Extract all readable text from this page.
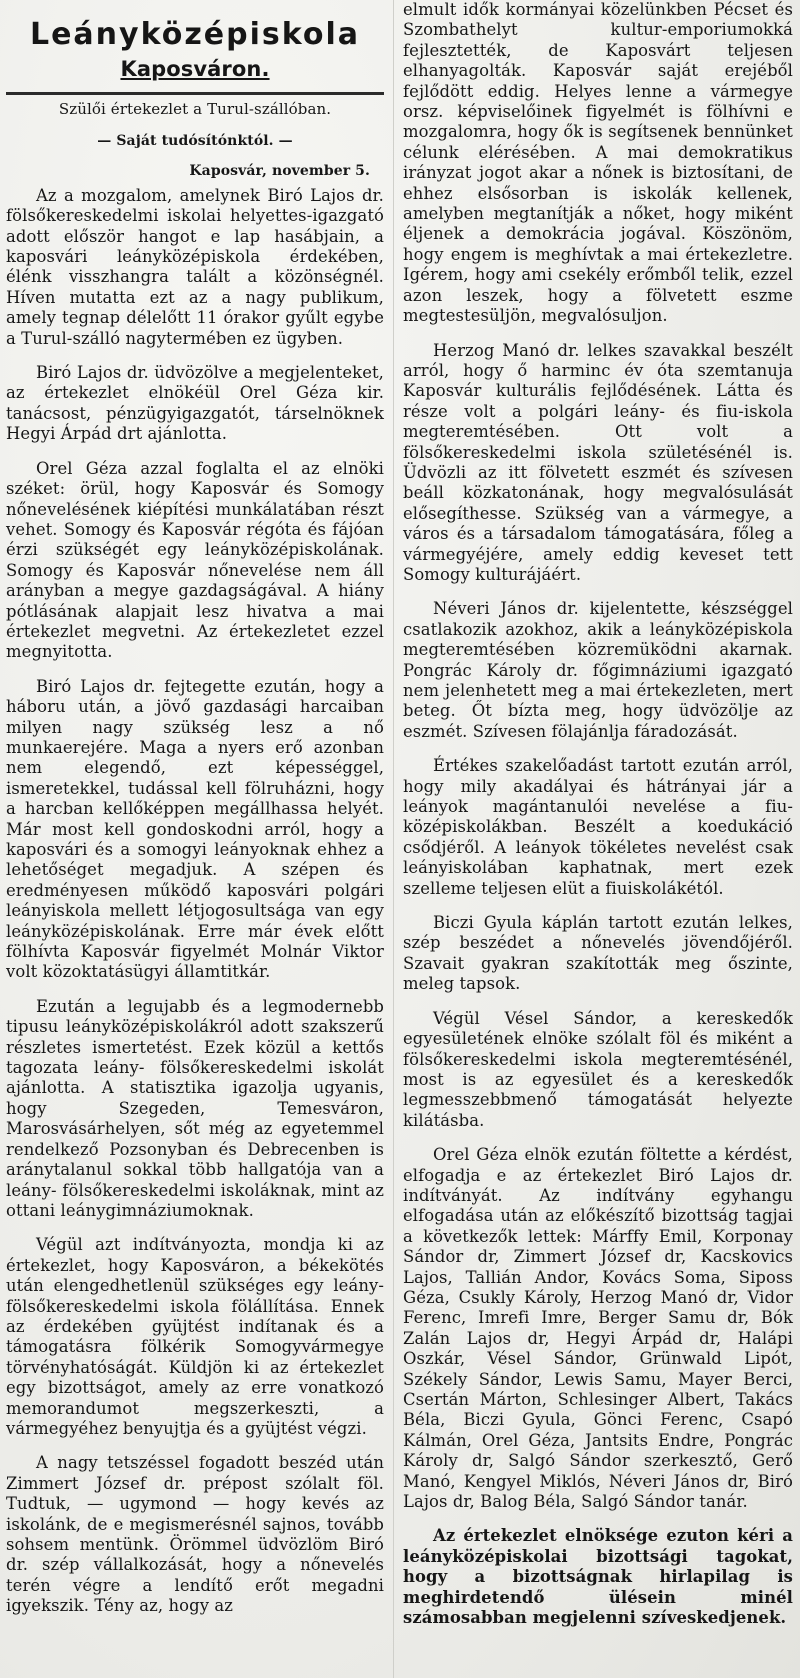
Leányközépiskola
Kaposváron.
Szülői értekezlet a Turul-szállóban.
— Saját tudósítónktól. —
Kaposvár, november 5.

Az a mozgalom, amelynek Biró Lajos dr. fölsőkereskedelmi iskolai helyettes-igazgató adott először hangot e lap hasábjain, a kaposvári leányközépiskola érdekében, élénk visszhangra talált a közönségnél. Híven mutatta ezt az a nagy publikum, amely tegnap délelőtt 11 órakor gyűlt egybe a Turul-szálló nagytermében ez ügyben.

Biró Lajos dr. üdvözölve a megjelenteket, az értekezlet elnökéül Orel Géza kir. tanácsost, pénzügyigazgatót, társelnöknek Hegyi Árpád drt ajánlotta.

Orel Géza azzal foglalta el az elnöki széket: örül, hogy Kaposvár és Somogy nőnevelésének kiépítési munkálatában részt vehet. Somogy és Kaposvár régóta és fájóan érzi szükségét egy leányközépiskolának. Somogy és Kaposvár nőnevelése nem áll arányban a megye gazdagságával. A hiány pótlásának alapjait lesz hivatva a mai értekezlet megvetni. Az értekezletet ezzel megnyitotta.

Biró Lajos dr. fejtegette ezután, hogy a háboru után, a jövő gazdasági harcaiban milyen nagy szükség lesz a nő munkaerejére. Maga a nyers erő azonban nem elegendő, ezt képességgel, ismeretekkel, tudással kell fölruházni, hogy a harcban kellőképpen megállhassa helyét. Már most kell gondoskodni arról, hogy a kaposvári és a somogyi leányoknak ehhez a lehetőséget megadjuk. A szépen és eredményesen működő kaposvári polgári leányiskola mellett létjogosultsága van egy leányközépiskolának. Erre már évek előtt fölhívta Kaposvár figyelmét Molnár Viktor volt közoktatásügyi államtitkár.

Ezután a legujabb és a legmodernebb tipusu leányközépiskolákról adott szakszerű részletes ismertetést. Ezek közül a kettős tagozata leány- fölsőkereskedelmi iskolát ajánlotta. A statisztika igazolja ugyanis, hogy Szegeden, Temesváron, Marosvásárhelyen, sőt még az egyetemmel rendelkező Pozsonyban és Debrecenben is aránytalanul sokkal több hallgatója van a leány- fölsőkereskedelmi iskoláknak, mint az ottani leánygimnáziumoknak.

Végül azt indítványozta, mondja ki az értekezlet, hogy Kaposváron, a békekötés után elengedhetlenül szükséges egy leány- fölsőkereskedelmi iskola fölállítása. Ennek az érdekében gyüjtést indítanak és a támogatásra fölkérik Somogyvármegye törvényhatóságát. Küldjön ki az értekezlet egy bizottságot, amely az erre vonatkozó memorandumot megszerkeszti, a vármegyéhez benyujtja és a gyüjtést végzi.

A nagy tetszéssel fogadott beszéd után Zimmert József dr. prépost szólalt föl. Tudtuk, — ugymond — hogy kevés az iskolánk, de e megismerésnél sajnos, tovább sohsem mentünk. Örömmel üdvözlöm Biró dr. szép vállalkozását, hogy a nőnevelés terén végre a lendítő erőt megadni igyekszik. Tény az, hogy az

elmult idők kormányai közelünkben Pécset és Szombathelyt kultur-emporiumokká fejlesztették, de Kaposvárt teljesen elhanyagolták. Kaposvár saját erejéből fejlődött eddig. Helyes lenne a vármegye orsz. képviselőinek figyelmét is fölhívni e mozgalomra, hogy ők is segítsenek bennünket célunk elérésében. A mai demokratikus irányzat jogot akar a nőnek is biztosítani, de ehhez elsősorban is iskolák kellenek, amelyben megtanítják a nőket, hogy miként éljenek a demokrácia jogával. Köszönöm, hogy engem is meghívtak a mai értekezletre. Igérem, hogy ami csekély erőmből telik, ezzel azon leszek, hogy a fölvetett eszme megtestesüljön, megvalósuljon.

Herzog Manó dr. lelkes szavakkal beszélt arról, hogy ő harminc év óta szemtanuja Kaposvár kulturális fejlődésének. Látta és része volt a polgári leány- és fiu-iskola megteremtésében. Ott volt a fölsőkereskedelmi iskola születésénél is. Üdvözli az itt fölvetett eszmét és szívesen beáll közkatonának, hogy megvalósulását elősegíthesse. Szükség van a vármegye, a város és a társadalom támogatására, főleg a vármegyéjére, amely eddig keveset tett Somogy kulturájáért.

Néveri János dr. kijelentette, készséggel csatlakozik azokhoz, akik a leányközépiskola megteremtésében közremüködni akarnak. Pongrác Károly dr. főgimnáziumi igazgató nem jelenhetett meg a mai értekezleten, mert beteg. Őt bízta meg, hogy üdvözölje az eszmét. Szívesen fölajánlja fáradozását.

Értékes szakelőadást tartott ezután arról, hogy mily akadályai és hátrányai jár a leányok magántanulói nevelése a fiu-középiskolákban. Beszélt a koedukáció csődjéről. A leányok tökéletes nevelést csak leányiskolában kaphatnak, mert ezek szelleme teljesen elüt a fiuiskolákétól.

Biczi Gyula káplán tartott ezután lelkes, szép beszédet a nőnevelés jövendőjéről. Szavait gyakran szakították meg őszinte, meleg tapsok.

Végül Vésel Sándor, a kereskedők egyesületének elnöke szólalt föl és miként a fölsőkereskedelmi iskola megteremtésénél, most is az egyesület és a kereskedők legmesszebbmenő támogatását helyezte kilátásba.

Orel Géza elnök ezután föltette a kérdést, elfogadja e az értekezlet Biró Lajos dr. indítványát. Az indítvány egyhangu elfogadása után az előkészítő bizottság tagjai a következők lettek: Márffy Emil, Korponay Sándor dr, Zimmert József dr, Kacskovics Lajos, Tallián Andor, Kovács Soma, Siposs Géza, Csukly Károly, Herzog Manó dr, Vidor Ferenc, Imrefi Imre, Berger Samu dr, Bók Zalán Lajos dr, Hegyi Árpád dr, Halápi Oszkár, Vésel Sándor, Grünwald Lipót, Székely Sándor, Lewis Samu, Mayer Berci, Csertán Márton, Schlesinger Albert, Takács Béla, Biczi Gyula, Gönci Ferenc, Csapó Kálmán, Orel Géza, Jantsits Endre, Pongrác Károly dr, Salgó Sándor szerkesztő, Gerő Manó, Kengyel Miklós, Néveri János dr, Biró Lajos dr, Balog Béla, Salgó Sándor tanár.

Az értekezlet elnöksége ezuton kéri a leányközépiskolai bizottsági tagokat, hogy a bizottságnak hirlapilag is meghirdetendő ülésein minél számosabban megjelenni szíveskedjenek.
